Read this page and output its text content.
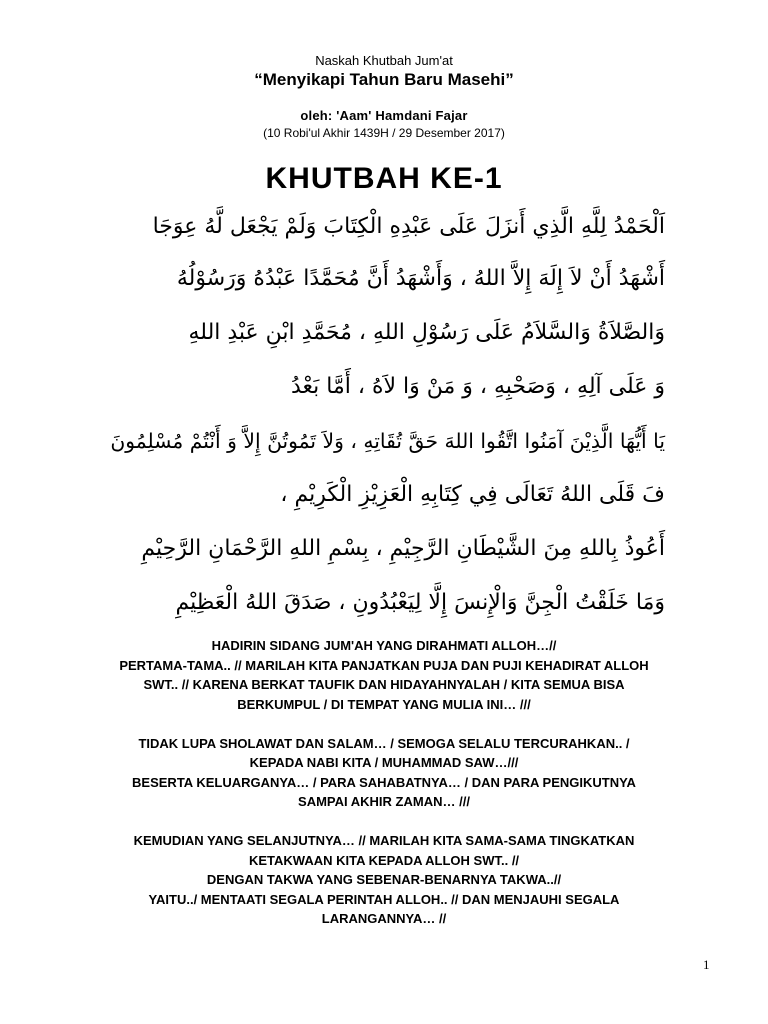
Naskah Khutbah Jum'at
“Menyikapi Tahun Baru Masehi”
oleh: 'Aam' Hamdani Fajar
(10 Robi'ul Akhir 1439H / 29 Desember 2017)
KHUTBAH KE-1
اَلْحَمْدُ لِلَّهِ الَّذِي أَنزَلَ عَلَى عَبْدِهِ الْكِتَابَ وَلَمْ يَجْعَل لَّهُ عِوَجَا
أَشْهَدُ أَنْ لاَ إِلَهَ إِلاَّ اللهُ ، وَأَشْهَدُ أَنَّ مُحَمَّدًا عَبْدُهُ وَرَسُوْلُهُ
وَالصَّلاَةُ وَالسَّلاَمُ عَلَى رَسُوْلِ اللهِ ، مُحَمَّدِ ابْنِ عَبْدِ اللهِ
وَ عَلَى آلِهِ ، وَصَحْبِهِ ، وَ مَنْ وَا لاَهُ ، أَمَّا بَعْدُ
يَا أَيُّهَا الَّذِيْنَ آمَنُوا اتَّقُوا اللهَ حَقَّ تُقَاتِهِ ، وَلاَ تَمُوتُنَّ إِلاَّ وَ أَنْتُمْ مُسْلِمُونَ
فَ قَلَى اللهُ تَعَالَى فِي كِتَابِهِ الْعَزِيْزِ الْكَرِيْمِ ،
أَعُوذُ بِاللهِ مِنَ الشَّيْطَانِ الرَّجِيْمِ ، بِسْمِ اللهِ الرَّحْمَانِ الرَّحِيْمِ
وَمَا خَلَقْتُ الْجِنَّ وَالْإِنسَ إِلَّا لِيَعْبُدُونِ ، صَدَقَ اللهُ الْعَظِيْمِ
HADIRIN SIDANG JUM'AH YANG DIRAHMATI ALLOH…//
PERTAMA-TAMA.. // MARILAH KITA PANJATKAN PUJA DAN PUJI KEHADIRAT ALLOH
SWT.. // KARENA BERKAT TAUFIK DAN HIDAYAHNYALAH / KITA SEMUA BISA
BERKUMPUL / DI TEMPAT YANG MULIA INI… ///
TIDAK LUPA SHOLAWAT DAN SALAM… / SEMOGA SELALU TERCURAHKAN.. /
KEPADA NABI KITA / MUHAMMAD SAW…///
BESERTA KELUARGANYA… / PARA SAHABATNYA… / DAN PARA PENGIKUTNYA
SAMPAI AKHIR ZAMAN… ///
KEMUDIAN YANG SELANJUTNYA… // MARILAH KITA SAMA-SAMA TINGKATKAN
KETAKWAAN KITA KEPADA ALLOH SWT.. //
DENGAN TAKWA YANG SEBENAR-BENARNYA TAKWA..//
YAITU../ MENTAATI SEGALA PERINTAH ALLOH.. // DAN MENJAUHI SEGALA
LARANGANNYA… //
1
